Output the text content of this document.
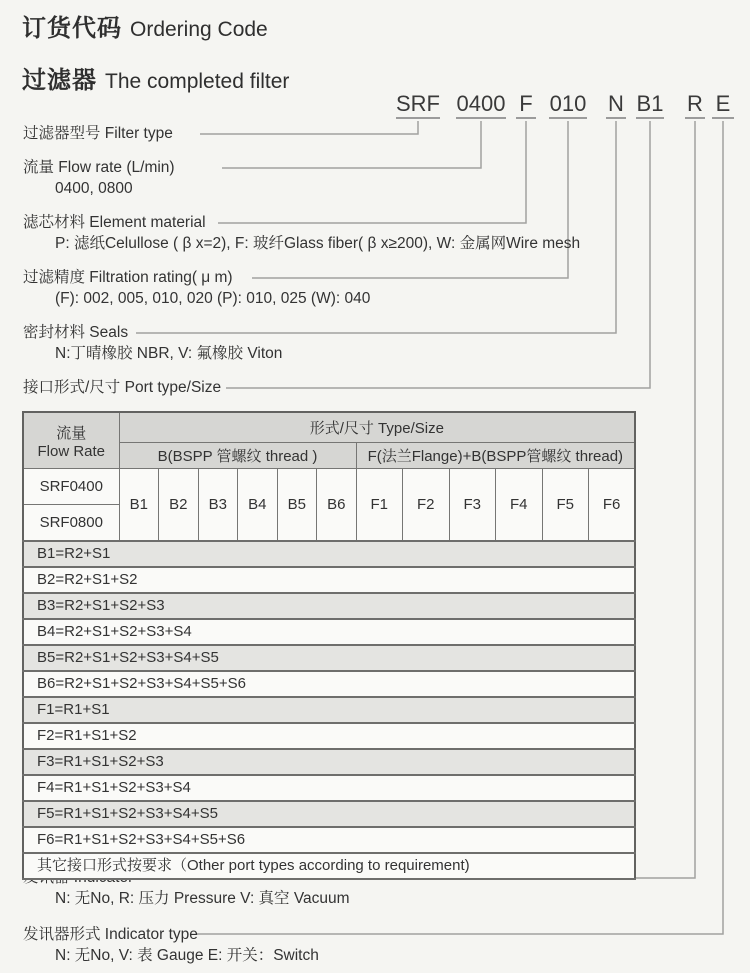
订货代码 Ordering Code
过滤器 The completed filter
SRF 0400 F 010 N B1 R E
过滤器型号 Filter type
流量 Flow rate (L/min)
0400, 0800
滤芯材料 Element material
P: 滤纸Celullose ( β x=2), F: 玻纤Glass fiber( β x≥200), W: 金属网Wire mesh
过滤精度 Filtration rating( μ m)
(F): 002, 005, 010, 020 (P): 010, 025 (W): 040
密封材料 Seals
N:丁晴橡胶 NBR, V: 氟橡胶 Viton
接口形式/尺寸 Port type/Size
N: 无No, R: 压力 Pressure V: 真空 Vacuum
发讯器形式 Indicator type
N: 无No, V: 表 Gauge E: 开关：Switch
流量
Flow Rate	形式/尺寸 Type/Size											
	B(BSPP 管螺纹 thread )						F(法兰Flange)+B(BSPP管螺纹 thread)					
SRF0400	B1	B2	B3	B4	B5	B6	F1	F2	F3	F4	F5	F6
SRF0800												
B1=R2+S1												
B2=R2+S1+S2												
B3=R2+S1+S2+S3												
B4=R2+S1+S2+S3+S4												
B5=R2+S1+S2+S3+S4+S5												
B6=R2+S1+S2+S3+S4+S5+S6												
F1=R1+S1												
F2=R1+S1+S2												
F3=R1+S1+S2+S3												
F4=R1+S1+S2+S3+S4												
F5=R1+S1+S2+S3+S4+S5												
F6=R1+S1+S2+S3+S4+S5+S6												
其它接口形式按要求（Other port types according to requirement)												
